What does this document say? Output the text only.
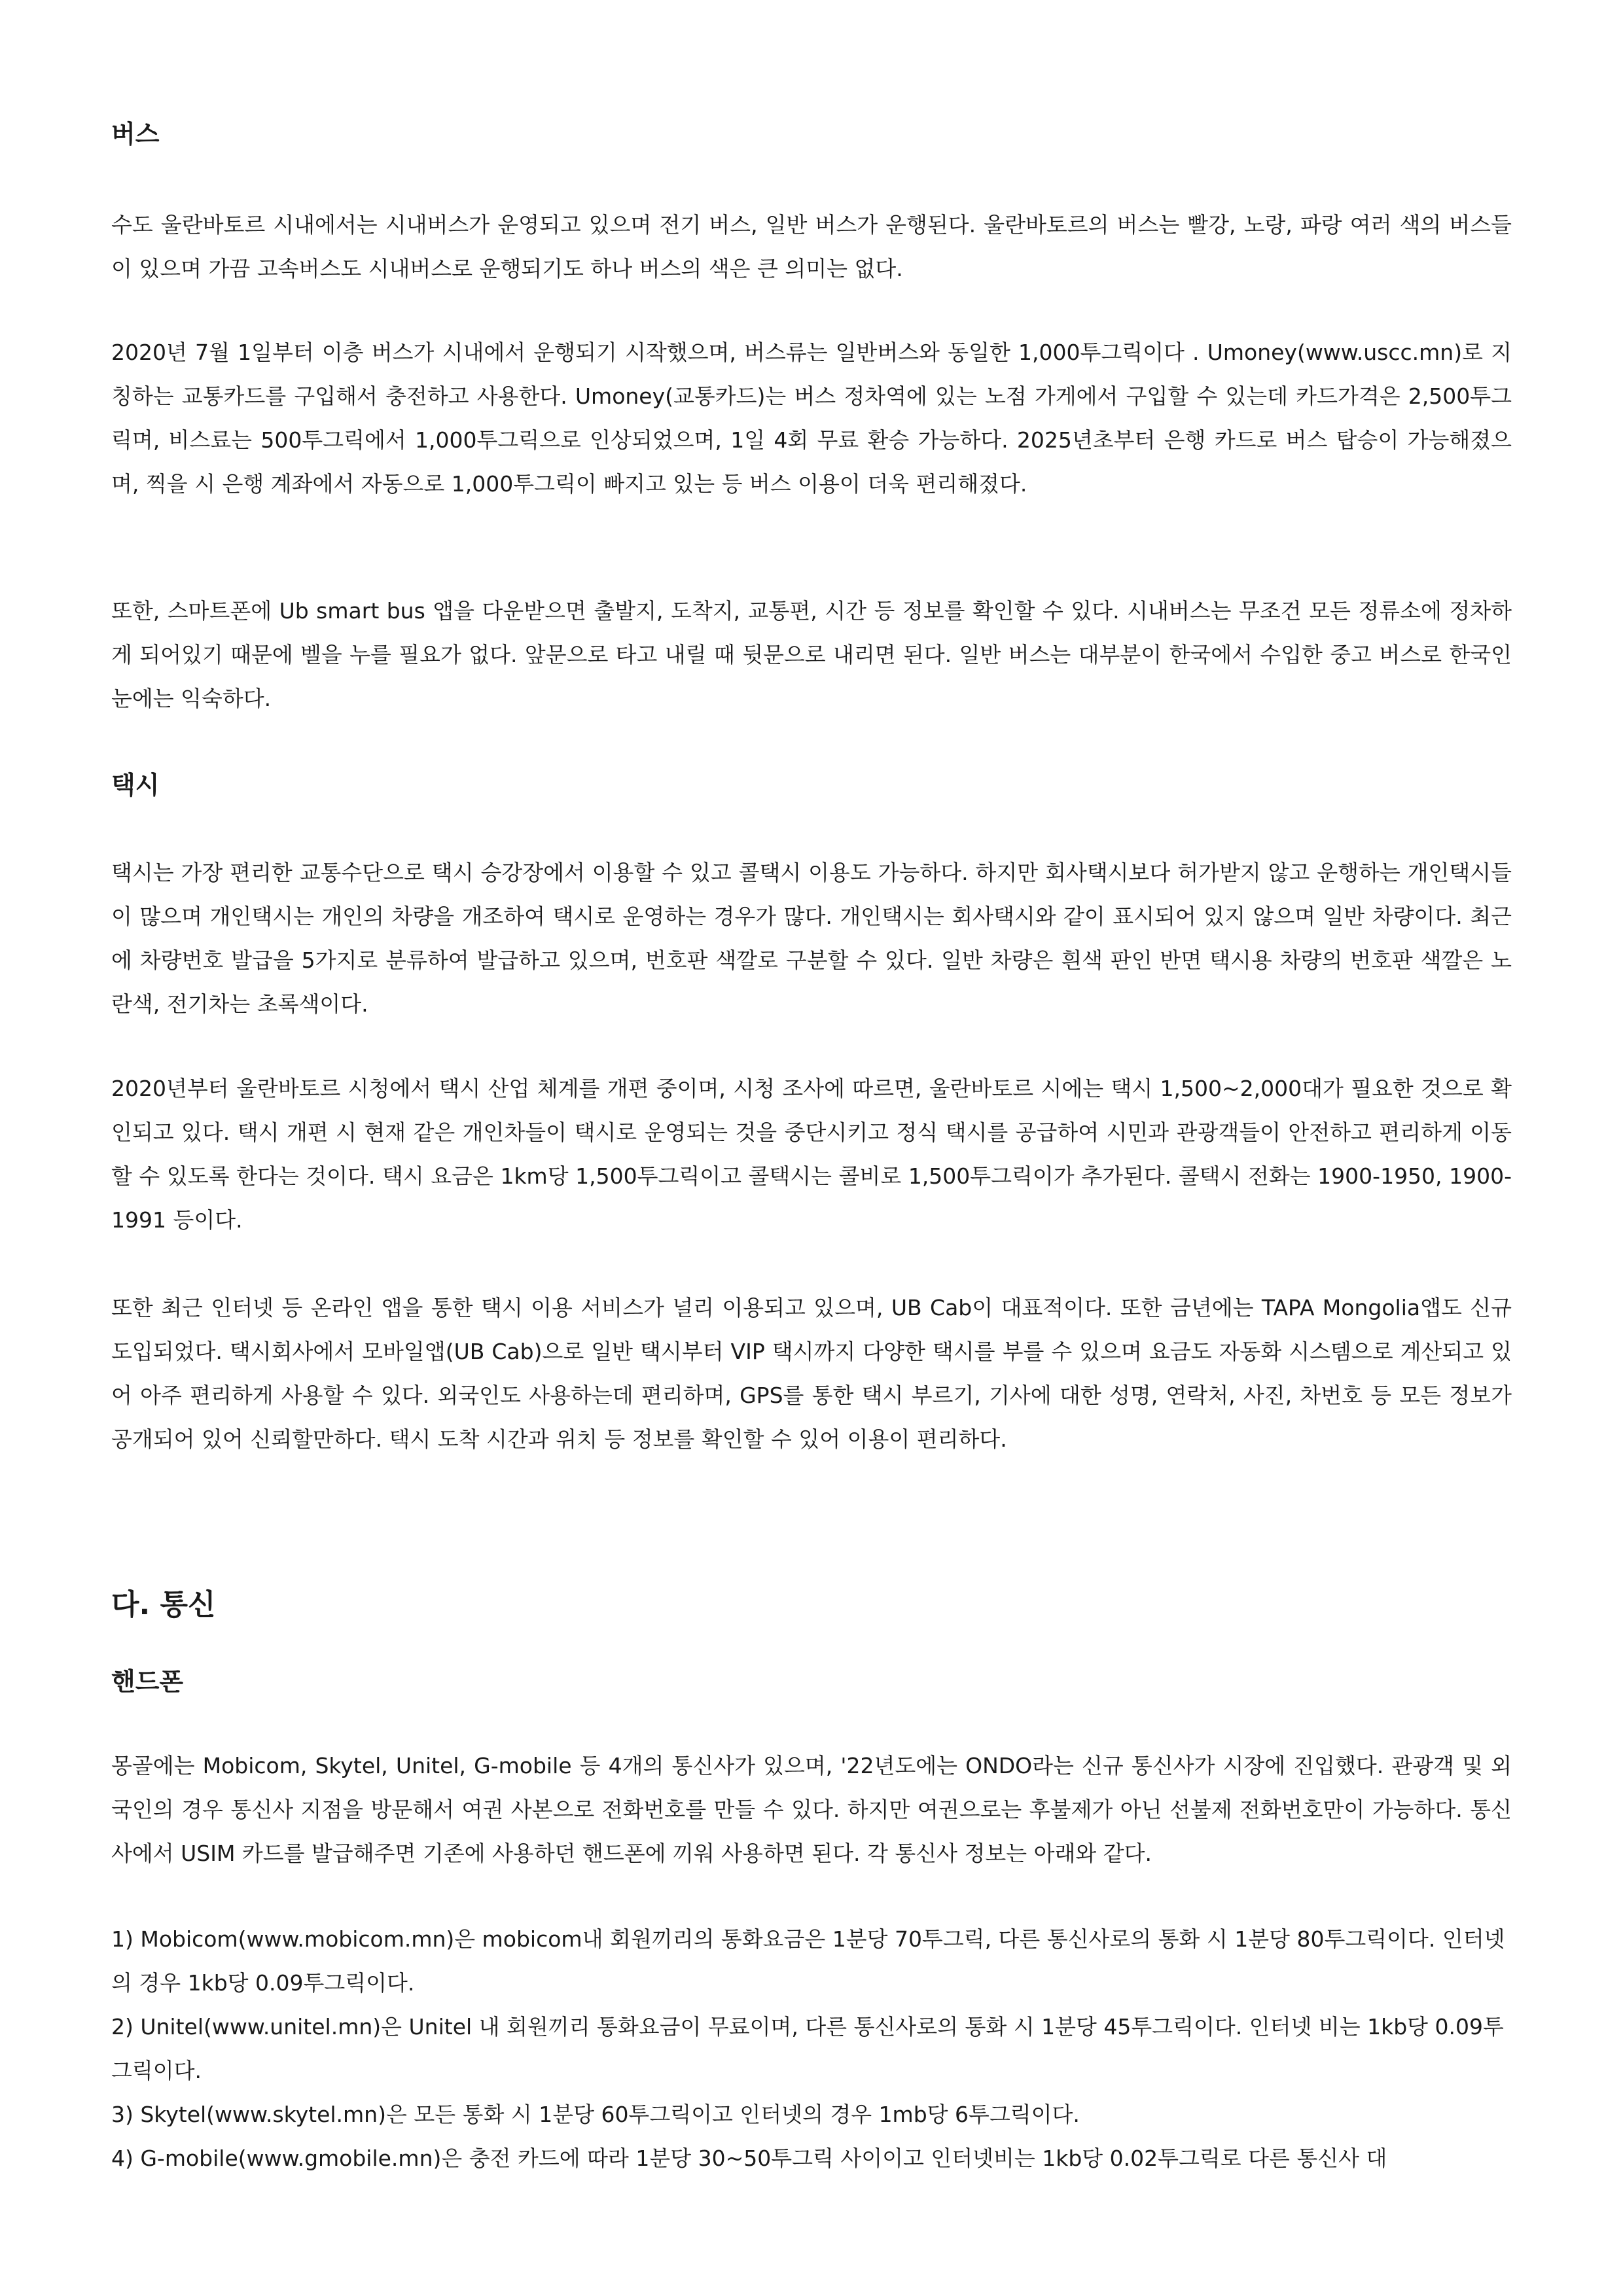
버스

수도 울란바토르 시내에서는 시내버스가 운영되고 있으며 전기 버스, 일반 버스가 운행된다. 울란바토르의 버스는 빨강, 노랑, 파랑 여러 색의 버스들이 있으며 가끔 고속버스도 시내버스로 운행되기도 하나 버스의 색은 큰 의미는 없다.

2020년 7월 1일부터 이층 버스가 시내에서 운행되기 시작했으며, 버스류는 일반버스와 동일한 1,000투그릭이다 . Umoney(www.uscc.mn)로 지칭하는 교통카드를 구입해서 충전하고 사용한다. Umoney(교통카드)는 버스 정차역에 있는 노점 가게에서 구입할 수 있는데 카드가격은 2,500투그릭며, 비스료는 500투그릭에서 1,000투그릭으로 인상되었으며, 1일 4회 무료 환승 가능하다. 2025년초부터 은행 카드로 버스 탑승이 가능해졌으며, 찍을 시 은행 계좌에서 자동으로 1,000투그릭이 빠지고 있는 등 버스 이용이 더욱 편리해졌다.

또한, 스마트폰에 Ub smart bus 앱을 다운받으면 출발지, 도착지, 교통편, 시간 등 정보를 확인할 수 있다. 시내버스는 무조건 모든 정류소에 정차하게 되어있기 때문에 벨을 누를 필요가 없다. 앞문으로 타고 내릴 때 뒷문으로 내리면 된다. 일반 버스는 대부분이 한국에서 수입한 중고 버스로 한국인 눈에는 익숙하다.

택시

택시는 가장 편리한 교통수단으로 택시 승강장에서 이용할 수 있고 콜택시 이용도 가능하다. 하지만 회사택시보다 허가받지 않고 운행하는 개인택시들이 많으며 개인택시는 개인의 차량을 개조하여 택시로 운영하는 경우가 많다. 개인택시는 회사택시와 같이 표시되어 있지 않으며 일반 차량이다. 최근에 차량번호 발급을 5가지로 분류하여 발급하고 있으며, 번호판 색깔로 구분할 수 있다. 일반 차량은 흰색 판인 반면 택시용 차량의 번호판 색깔은 노란색, 전기차는 초록색이다.

2020년부터 울란바토르 시청에서 택시 산업 체계를 개편 중이며, 시청 조사에 따르면, 울란바토르 시에는 택시 1,500~2,000대가 필요한 것으로 확인되고 있다. 택시 개편 시 현재 같은 개인차들이 택시로 운영되는 것을 중단시키고 정식 택시를 공급하여 시민과 관광객들이 안전하고 편리하게 이동할 수 있도록 한다는 것이다. 택시 요금은 1km당 1,500투그릭이고 콜택시는 콜비로 1,500투그릭이가 추가된다. 콜택시 전화는 1900-1950, 1900-1991 등이다.

또한 최근 인터넷 등 온라인 앱을 통한 택시 이용 서비스가 널리 이용되고 있으며, UB Cab이 대표적이다. 또한 금년에는 TAPA Mongolia앱도 신규 도입되었다. 택시회사에서 모바일앱(UB Cab)으로 일반 택시부터 VIP 택시까지 다양한 택시를 부를 수 있으며 요금도 자동화 시스템으로 계산되고 있어 아주 편리하게 사용할 수 있다. 외국인도 사용하는데 편리하며, GPS를 통한 택시 부르기, 기사에 대한 성명, 연락처, 사진, 차번호 등 모든 정보가 공개되어 있어 신뢰할만하다. 택시 도착 시간과 위치 등 정보를 확인할 수 있어 이용이 편리하다.

다. 통신
핸드폰

몽골에는 Mobicom, Skytel, Unitel, G-mobile 등 4개의 통신사가 있으며, '22년도에는 ONDO라는 신규 통신사가 시장에 진입했다. 관광객 및 외국인의 경우 통신사 지점을 방문해서 여권 사본으로 전화번호를 만들 수 있다. 하지만 여권으로는 후불제가 아닌 선불제 전화번호만이 가능하다. 통신사에서 USIM 카드를 발급해주면 기존에 사용하던 핸드폰에 끼워 사용하면 된다. 각 통신사 정보는 아래와 같다.

1) Mobicom(www.mobicom.mn)은 mobicom내 회원끼리의 통화요금은 1분당 70투그릭, 다른 통신사로의 통화 시 1분당 80투그릭이다. 인터넷의 경우 1kb당 0.09투그릭이다.

2) Unitel(www.unitel.mn)은 Unitel 내 회원끼리 통화요금이 무료이며, 다른 통신사로의 통화 시 1분당 45투그릭이다. 인터넷 비는 1kb당 0.09투그릭이다.

3) Skytel(www.skytel.mn)은 모든 통화 시 1분당 60투그릭이고 인터넷의 경우 1mb당 6투그릭이다.

4) G-mobile(www.gmobile.mn)은 충전 카드에 따라 1분당 30~50투그릭 사이이고 인터넷비는 1kb당 0.02투그릭로 다른 통신사 대
